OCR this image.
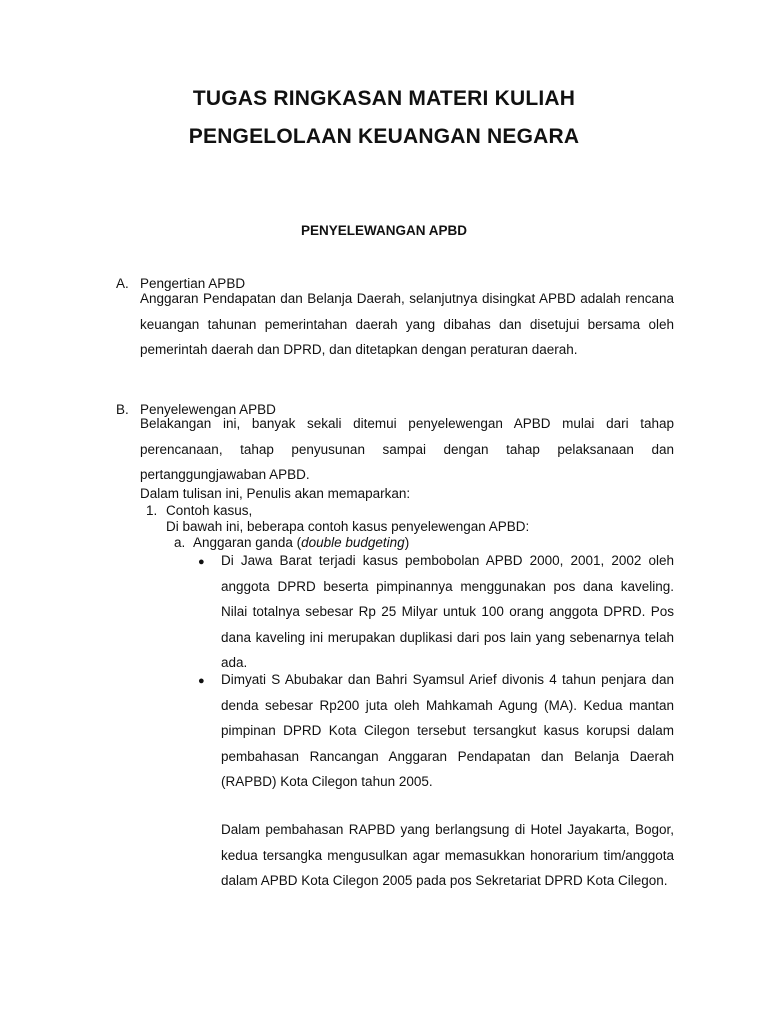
TUGAS RINGKASAN MATERI KULIAH
PENGELOLAAN KEUANGAN NEGARA
PENYELEWANGAN APBD
A. Pengertian APBD

Anggaran Pendapatan dan Belanja Daerah, selanjutnya disingkat APBD adalah rencana keuangan tahunan pemerintahan daerah yang dibahas dan disetujui bersama oleh pemerintah daerah dan DPRD, dan ditetapkan dengan peraturan daerah.

B. Penyelewengan APBD

Belakangan ini, banyak sekali ditemui penyelewengan APBD mulai dari tahap perencanaan, tahap penyusunan sampai dengan tahap pelaksanaan dan pertanggungjawaban APBD.

Dalam tulisan ini, Penulis akan memaparkan:

1. Contoh kasus,

Di bawah ini, beberapa contoh kasus penyelewengan APBD:

a. Anggaran ganda (double budgeting)
● Di Jawa Barat terjadi kasus pembobolan APBD 2000, 2001, 2002 oleh anggota DPRD beserta pimpinannya menggunakan pos dana kaveling. Nilai totalnya sebesar Rp 25 Milyar untuk 100 orang anggota DPRD. Pos dana kaveling ini merupakan duplikasi dari pos lain yang sebenarnya telah ada.

● Dimyati S Abubakar dan Bahri Syamsul Arief divonis 4 tahun penjara dan denda sebesar Rp200 juta oleh Mahkamah Agung (MA). Kedua mantan pimpinan DPRD Kota Cilegon tersebut tersangkut kasus korupsi dalam pembahasan Rancangan Anggaran Pendapatan dan Belanja Daerah (RAPBD) Kota Cilegon tahun 2005.

Dalam pembahasan RAPBD yang berlangsung di Hotel Jayakarta, Bogor, kedua tersangka mengusulkan agar memasukkan honorarium tim/anggota dalam APBD Kota Cilegon 2005 pada pos Sekretariat DPRD Kota Cilegon.
